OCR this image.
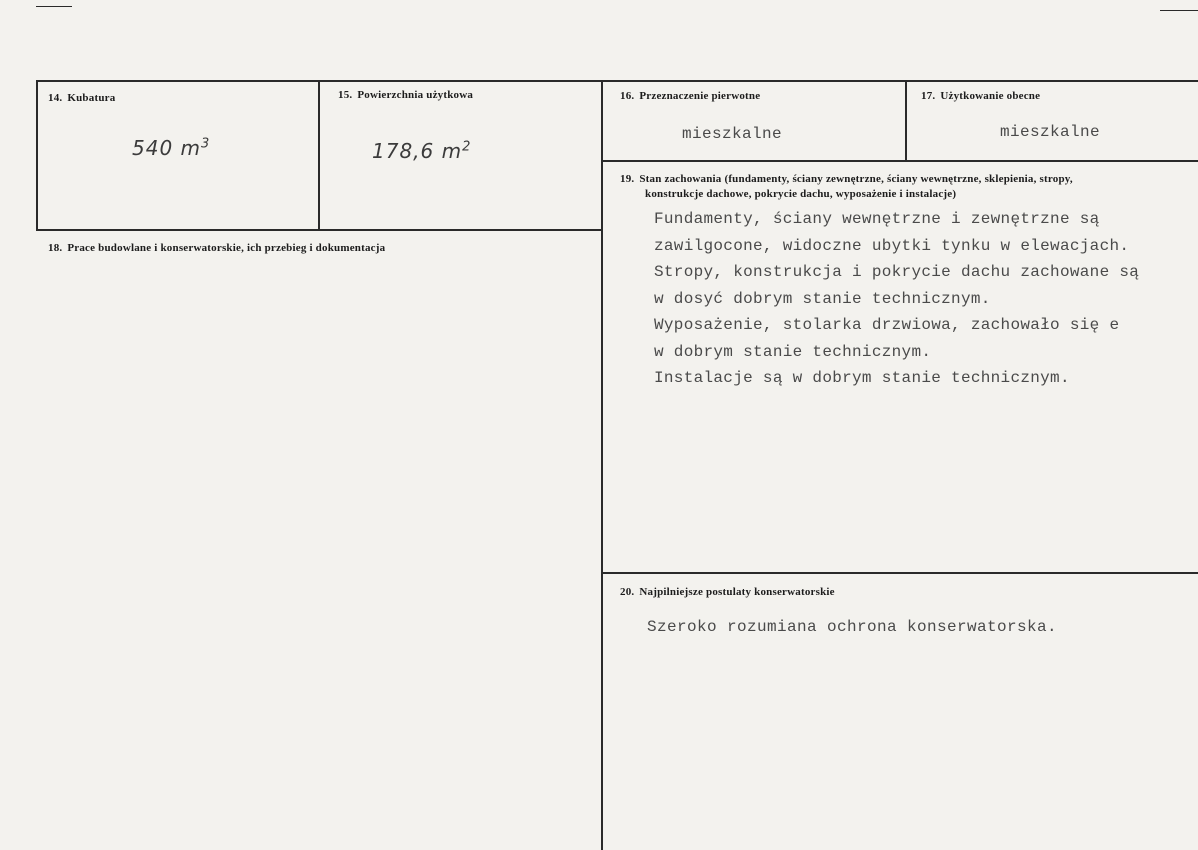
14. Kubatura
540 $m^3$
15. Powierzchnia użytkowa
178,6 $m^2$
16. Przeznaczenie pierwotne
mieszkalne
17. Użytkowanie obecne
mieszkalne
18. Prace budowlane i konserwatorskie, ich przebieg i dokumentacja
19. Stan zachowania (fundamenty, ściany zewnętrzne, ściany wewnętrzne, sklepienia, stropy,
konstrukcje dachowe, pokrycie dachu, wyposażenie i instalacje)
Fundamenty, ściany wewnętrzne i zewnętrzne są
zawilgocone, widoczne ubytki tynku w elewacjach.
Stropy, konstrukcja i pokrycie dachu zachowane są
w dosyć dobrym stanie technicznym.
Wyposażenie, stolarka drzwiowa, zachowało się e
w dobrym stanie technicznym.
Instalacje są w dobrym stanie technicznym.
20. Najpilniejsze postulaty konserwatorskie
Szeroko rozumiana ochrona konserwatorska.
